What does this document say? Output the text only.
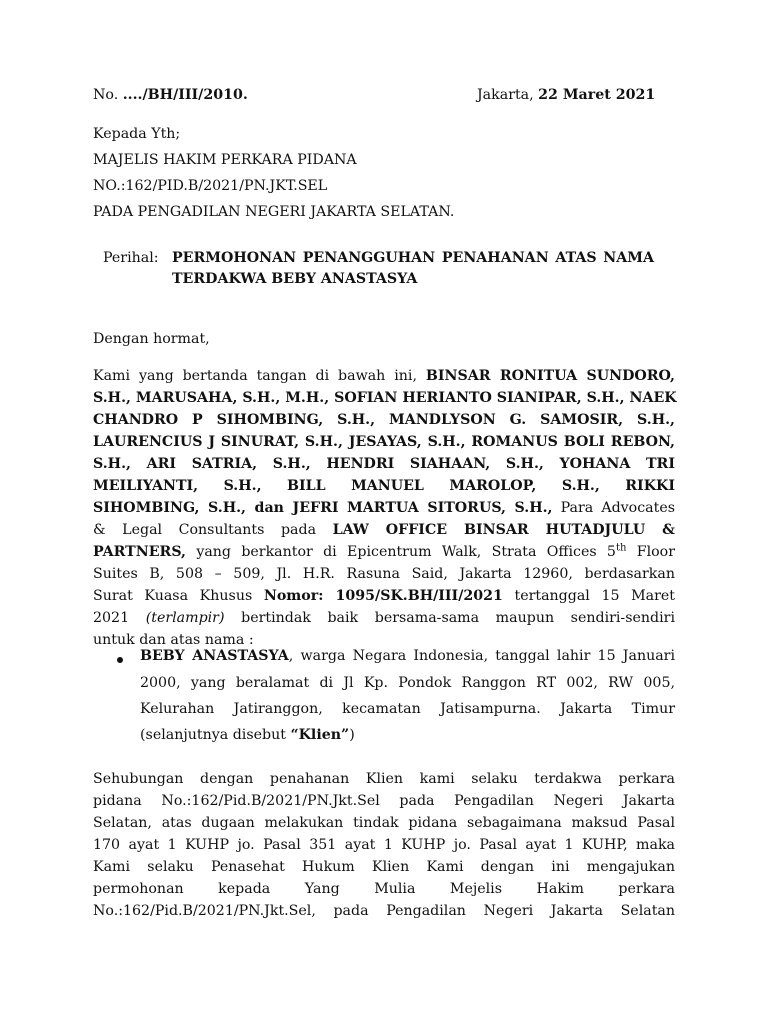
No. ..../BH/III/2010.	Jakarta, 22 Maret 2021
Kepada Yth;
MAJELIS HAKIM PERKARA PIDANA
NO.:162/PID.B/2021/PN.JKT.SEL
PADA PENGADILAN NEGERI JAKARTA SELATAN.
Perihal: PERMOHONAN PENANGGUHAN PENAHANAN ATAS NAMA
TERDAKWA BEBY ANASTASYA
Dengan hormat,
Kami yang bertanda tangan di bawah ini, BINSAR RONITUA SUNDORO,
S.H., MARUSAHA, S.H., M.H., SOFIAN HERIANTO SIANIPAR, S.H., NAEK
CHANDRO P SIHOMBING, S.H., MANDLYSON G. SAMOSIR, S.H.,
LAURENCIUS J SINURAT, S.H., JESAYAS, S.H., ROMANUS BOLI REBON,
S.H., ARI SATRIA, S.H., HENDRI SIAHAAN, S.H., YOHANA TRI
MEILIYANTI, S.H., BILL MANUEL MAROLOP, S.H., RIKKI
SIHOMBING, S.H., dan JEFRI MARTUA SITORUS, S.H., Para Advocates
& Legal Consultants pada LAW OFFICE BINSAR HUTADJULU &
PARTNERS, yang berkantor di Epicentrum Walk, Strata Offices 5th Floor
Suites B, 508 – 509, Jl. H.R. Rasuna Said, Jakarta 12960, berdasarkan
Surat Kuasa Khusus Nomor: 1095/SK.BH/III/2021 tertanggal 15 Maret
2021 (terlampir) bertindak baik bersama-sama maupun sendiri-sendiri
untuk dan atas nama :
BEBY ANASTASYA, warga Negara Indonesia, tanggal lahir 15 Januari
2000, yang beralamat di Jl Kp. Pondok Ranggon RT 002, RW 005,
Kelurahan Jatiranggon, kecamatan Jatisampurna. Jakarta Timur
(selanjutnya disebut “Klien”)
Sehubungan dengan penahanan Klien kami selaku terdakwa perkara
pidana No.:162/Pid.B/2021/PN.Jkt.Sel pada Pengadilan Negeri Jakarta
Selatan, atas dugaan melakukan tindak pidana sebagaimana maksud Pasal
170 ayat 1 KUHP jo. Pasal 351 ayat 1 KUHP jo. Pasal ayat 1 KUHP, maka
Kami selaku Penasehat Hukum Klien Kami dengan ini mengajukan
permohonan kepada Yang Mulia Mejelis Hakim perkara
No.:162/Pid.B/2021/PN.Jkt.Sel, pada Pengadilan Negeri Jakarta Selatan
